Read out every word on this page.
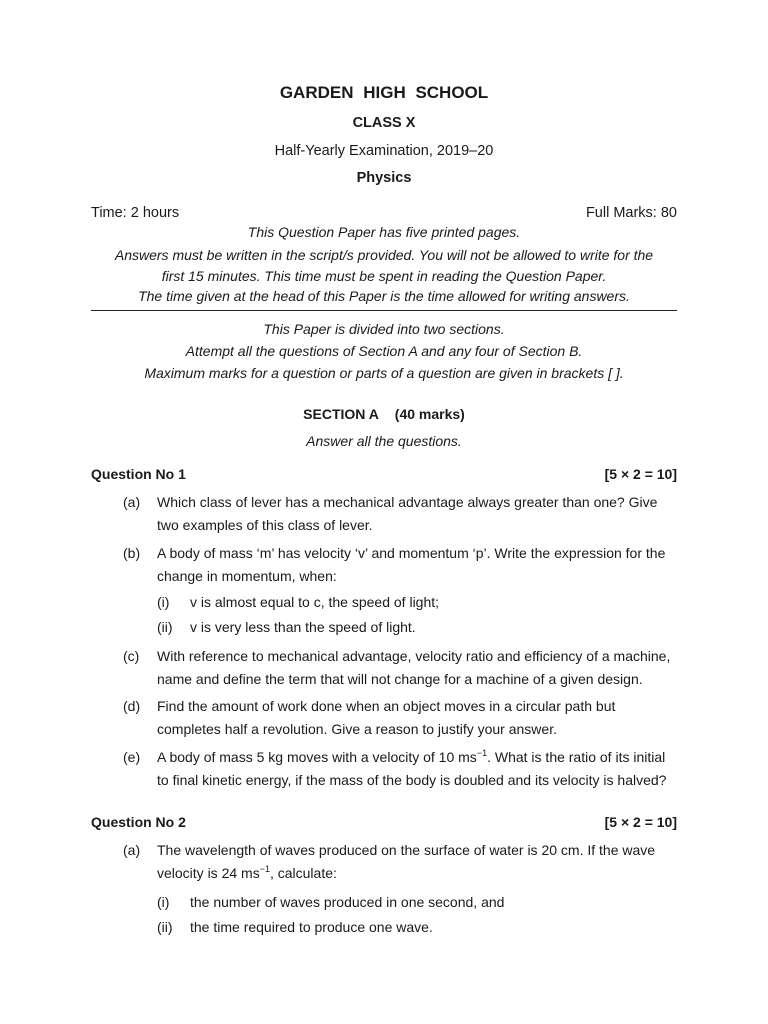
GARDEN HIGH SCHOOL
CLASS X
Half-Yearly Examination, 2019–20
Physics
Time: 2 hours	Full Marks: 80
This Question Paper has five printed pages.
Answers must be written in the script/s provided. You will not be allowed to write for the
first 15 minutes. This time must be spent in reading the Question Paper.
The time given at the head of this Paper is the time allowed for writing answers.
This Paper is divided into two sections.
Attempt all the questions of Section A and any four of Section B.
Maximum marks for a question or parts of a question are given in brackets [ ].
SECTION A (40 marks)
Answer all the questions.
Question No 1	[5 × 2 = 10]
(a) Which class of lever has a mechanical advantage always greater than one? Give two examples of this class of lever.
(b) A body of mass ‘m’ has velocity ‘v’ and momentum ‘p’. Write the expression for the change in momentum, when:
(i) v is almost equal to c, the speed of light;
(ii) v is very less than the speed of light.
(c) With reference to mechanical advantage, velocity ratio and efficiency of a machine, name and define the term that will not change for a machine of a given design.
(d) Find the amount of work done when an object moves in a circular path but completes half a revolution. Give a reason to justify your answer.
(e) A body of mass 5 kg moves with a velocity of 10 $ms^{-1}$. What is the ratio of its initial to final kinetic energy, if the mass of the body is doubled and its velocity is halved?
Question No 2	[5 × 2 = 10]
(a) The wavelength of waves produced on the surface of water is 20 cm. If the wave velocity is 24 $ms^{-1}$, calculate:
(i) the number of waves produced in one second, and
(ii) the time required to produce one wave.
